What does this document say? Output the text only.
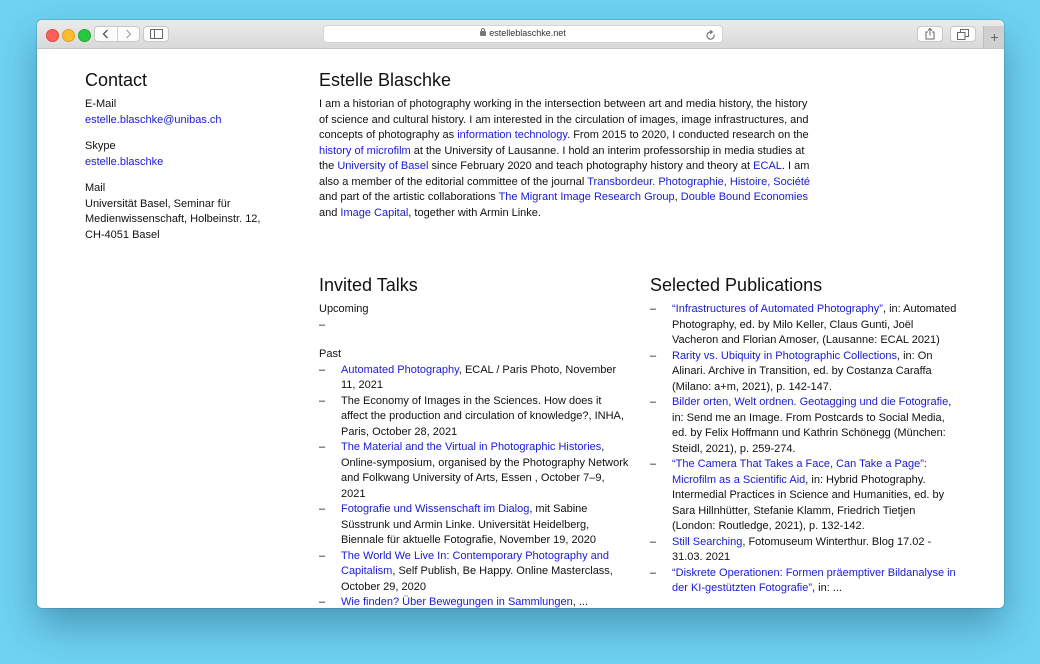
estelleblaschke.net	+
Contact
E-Mail
estelle.blaschke@unibas.ch
Skype
estelle.blaschke
Mail
Universität Basel, Seminar für
Medienwissenschaft, Holbeinstr. 12,
CH-4051 Basel
Estelle Blaschke

I am a historian of photography working in the intersection between art and media history, the history of science and cultural history. I am interested in the circulation of images, image infrastructures, and concepts of photography as information technology. From 2015 to 2020, I conducted research on the history of microfilm at the University of Lausanne. I hold an interim professorship in media studies at the University of Basel since February 2020 and teach photography history and theory at ECAL. I am also a member of the editorial committee of the journal Transbordeur. Photographie, Histoire, Société and part of the artistic collaborations The Migrant Image Research Group, Double Bound Economies and Image Capital, together with Armin Linke.

Invited Talks
Upcoming
–
Past
– Automated Photography, ECAL / Paris Photo, November 11, 2021
– The Economy of Images in the Sciences. How does it affect the production and circulation of knowledge?, INHA, Paris, October 28, 2021
– The Material and the Virtual in Photographic Histories, Online-symposium, organised by the Photography Network and Folkwang University of Arts, Essen , October 7–9, 2021
– Fotografie und Wissenschaft im Dialog, mit Sabine Süsstrunk und Armin Linke. Universität Heidelberg, Biennale für aktuelle Fotografie, November 19, 2020
– The World We Live In: Contemporary Photography and Capitalism, Self Publish, Be Happy. Online Masterclass, October 29, 2020
– Wie finden? Über Bewegungen in Sammlungen, ...
Selected Publications
– “Infrastructures of Automated Photography”, in: Automated Photography, ed. by Milo Keller, Claus Gunti, Joël Vacheron and Florian Amoser, (Lausanne: ECAL 2021)
– Rarity vs. Ubiquity in Photographic Collections, in: On Alinari. Archive in Transition, ed. by Costanza Caraffa (Milano: a+m, 2021), p. 142-147.
– Bilder orten, Welt ordnen. Geotagging und die Fotografie, in: Send me an Image. From Postcards to Social Media, ed. by Felix Hoffmann und Kathrin Schönegg (München: Steidl, 2021), p. 259-274.
– “The Camera That Takes a Face, Can Take a Page”: Microfilm as a Scientific Aid, in: Hybrid Photography. Intermedial Practices in Science and Humanities, ed. by Sara Hillnhütter, Stefanie Klamm, Friedrich Tietjen (London: Routledge, 2021), p. 132-142.
– Still Searching, Fotomuseum Winterthur. Blog 17.02 - 31.03. 2021
– “Diskrete Operationen: Formen präemptiver Bildanalyse in der KI-gestützten Fotografie”, in: ...
